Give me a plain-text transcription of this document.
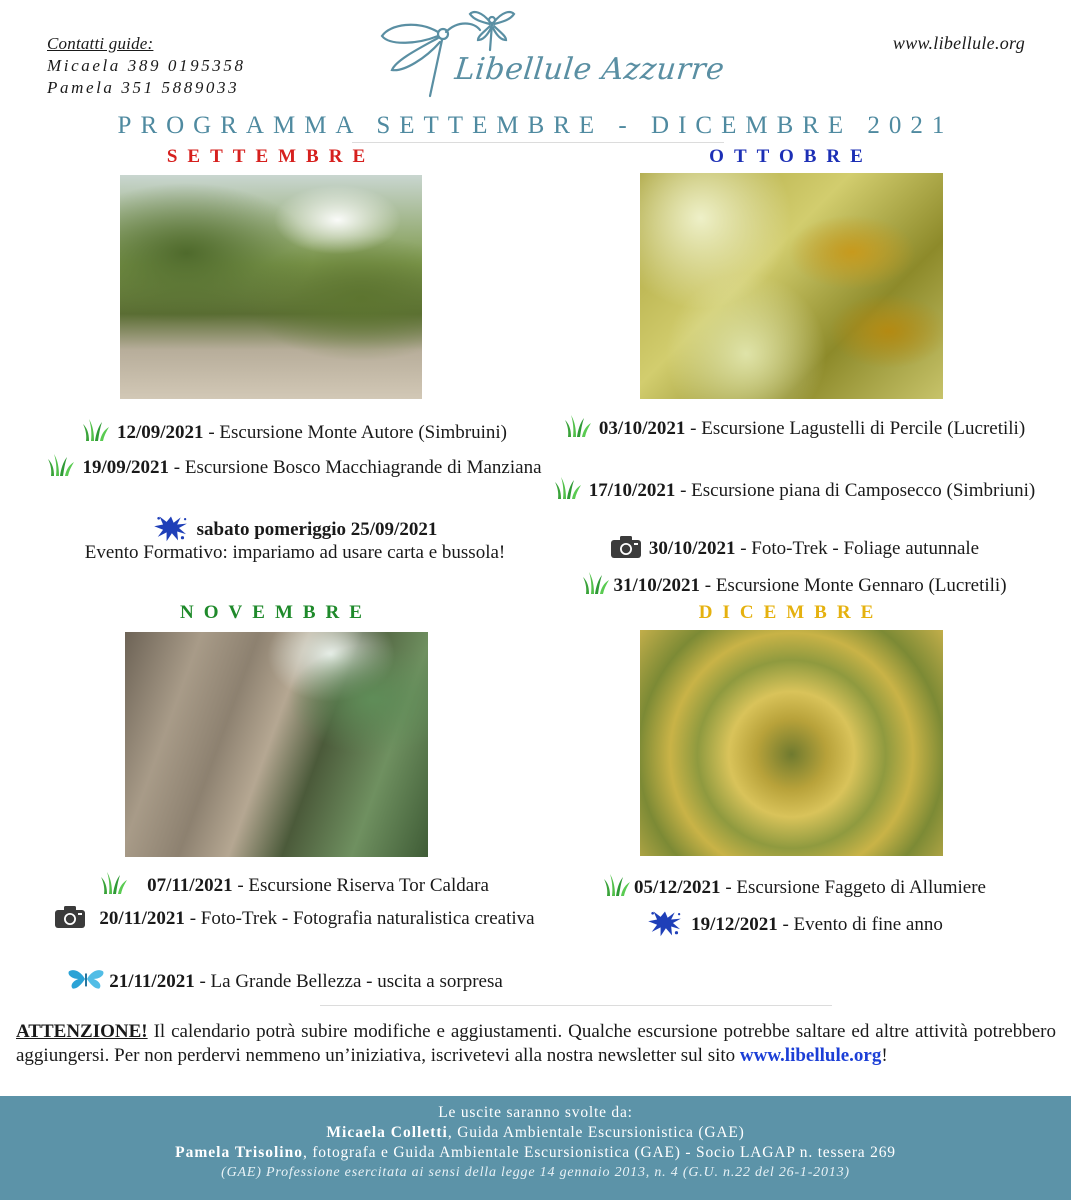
Contatti guide:
Micaela 389 0195358
Pamela 351 5889033
Libellule Azzurre
www.libellule.org
PROGRAMMA SETTEMBRE - DICEMBRE 2021
SETTEMBRE	OTTOBRE
NOVEMBRE	DICEMBRE
12/09/2021 - Escursione Monte Autore (Simbruini)
19/09/2021 - Escursione Bosco Macchiagrande di Manziana
sabato pomeriggio 25/09/2021
Evento Formativo: impariamo ad usare carta e bussola!
03/10/2021 - Escursione Lagustelli di Percile (Lucretili)
17/10/2021 - Escursione piana di Camposecco (Simbriuni)
30/10/2021 - Foto-Trek - Foliage autunnale
31/10/2021 - Escursione Monte Gennaro (Lucretili)
07/11/2021 - Escursione Riserva Tor Caldara
20/11/2021 - Foto-Trek - Fotografia naturalistica creativa
21/11/2021 - La Grande Bellezza - uscita a sorpresa
05/12/2021 - Escursione Faggeto di Allumiere
19/12/2021 - Evento di fine anno
ATTENZIONE! Il calendario potrà subire modifiche e aggiustamenti. Qualche escursione potrebbe saltare ed altre attività potrebbero aggiungersi. Per non perdervi nemmeno un’iniziativa, iscrivetevi alla nostra newsletter sul sito www.libellule.org!
Le uscite saranno svolte da:
Micaela Colletti, Guida Ambientale Escursionistica (GAE)
Pamela Trisolino, fotografa e Guida Ambientale Escursionistica (GAE) - Socio LAGAP n. tessera 269
(GAE) Professione esercitata ai sensi della legge 14 gennaio 2013, n. 4 (G.U. n.22 del 26-1-2013)
